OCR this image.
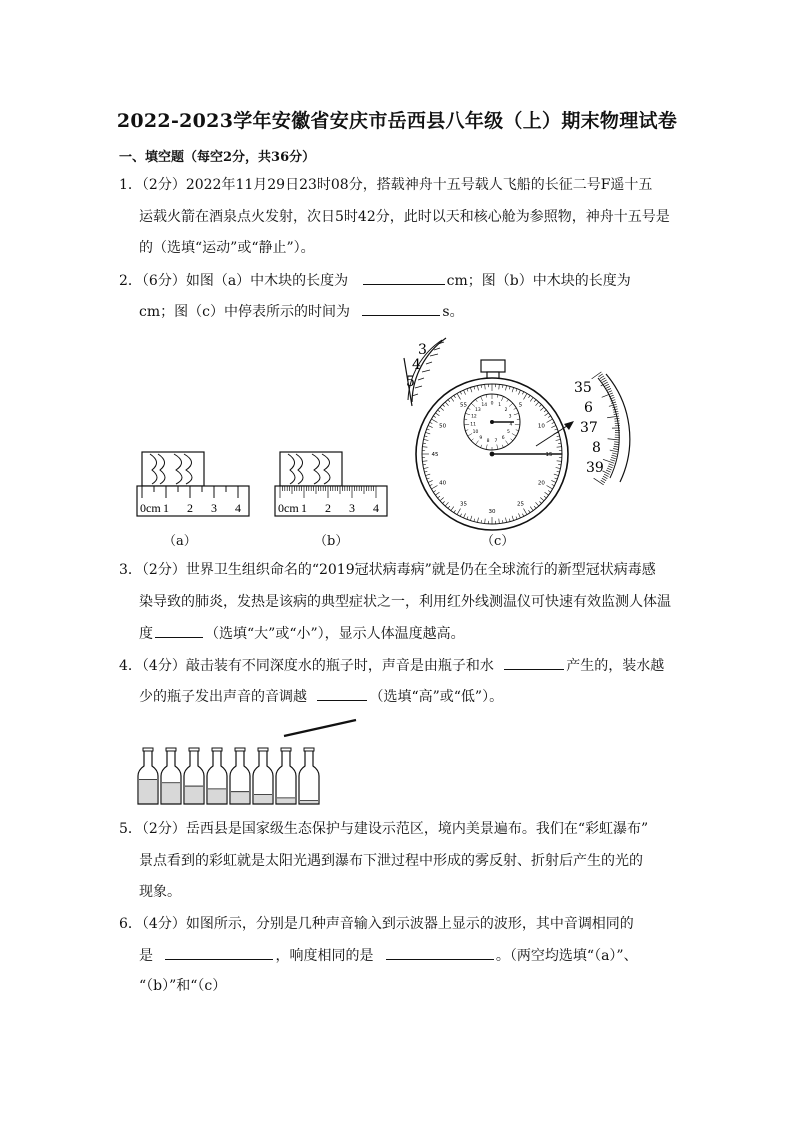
2022-2023学年安徽省安庆市岳西县八年级（上）期末物理试卷
一、填空题（每空2分，共36分）
1．（2分）2022年11月29日23时08分，搭载神舟十五号载人飞船的长征二号F遥十五
运载火箭在酒泉点火发射，次日5时42分，此时以天和核心舱为参照物，神舟十五号是
的（选填“运动”或“静止”）。
2．（6分）如图（a）中木块的长度为	cm；图（b）中木块的长度为
cm；图（c）中停表所示的时间为	s。
0cm 1 2 3 4
（a）
0cm 1 2 3 4
（b）
3
4
5
5
10
15
20
25
30
35
40
45
50
55	0 1
2
3
4
5
6
7
8
9
10
11
12
13
14
35
6
37
8
39
（c）
3．（2分）世界卫生组织命名的“2019冠状病毒病”就是仍在全球流行的新型冠状病毒感
染导致的肺炎，发热是该病的典型症状之一，利用红外线测温仪可快速有效监测人体温
度	（选填“大”或“小”），显示人体温度越高。
4．（4分）敲击装有不同深度水的瓶子时，声音是由瓶子和水	产生的，装水越
少的瓶子发出声音的音调越	（选填“高”或“低”）。
5．（2分）岳西县是国家级生态保护与建设示范区，境内美景遍布。我们在“彩虹瀑布”
景点看到的彩虹就是太阳光遇到瀑布下泄过程中形成的雾反射、折射后产生的光的
现象。
6．（4分）如图所示，分别是几种声音输入到示波器上显示的波形，其中音调相同的
是	，响度相同的是	。（两空均选填“（a）”、
“（b）”和“（c）
